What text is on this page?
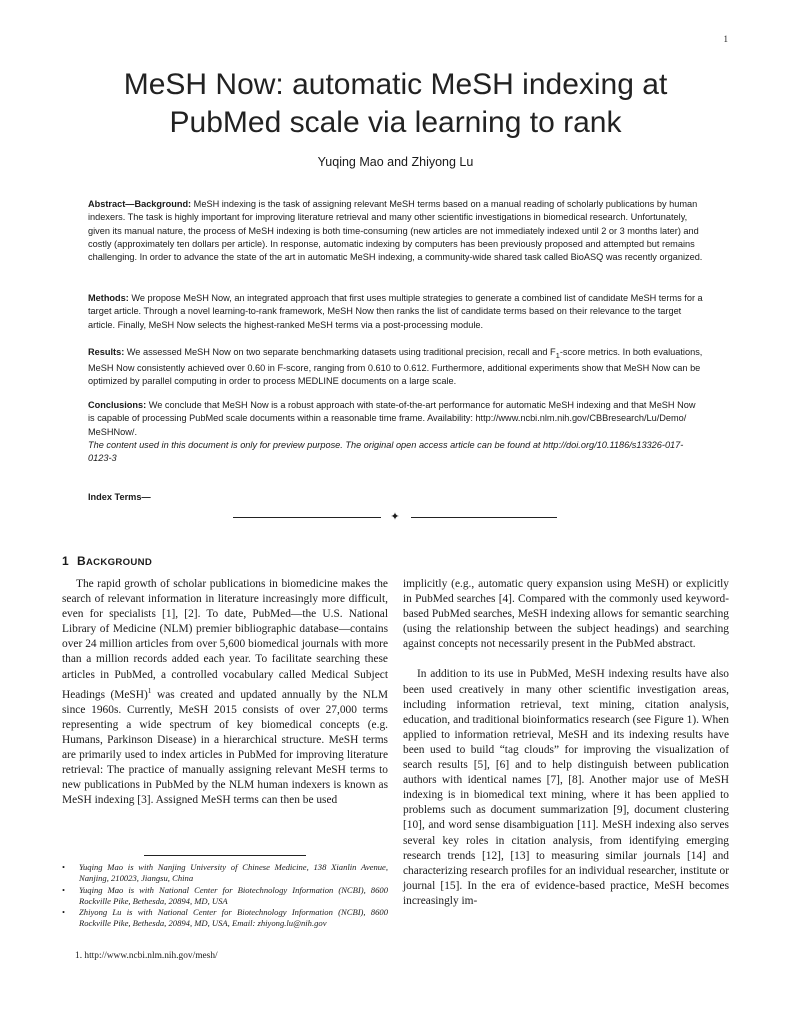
1
MeSH Now: automatic MeSH indexing at
PubMed scale via learning to rank
Yuqing Mao and Zhiyong Lu

Abstract—Background: MeSH indexing is the task of assigning relevant MeSH terms based on a manual reading of scholarly publications by human indexers. The task is highly important for improving literature retrieval and many other scientific investigations in biomedical research. Unfortunately, given its manual nature, the process of MeSH indexing is both time-consuming (new articles are not immediately indexed until 2 or 3 months later) and costly (approximately ten dollars per article). In response, automatic indexing by computers has been previously proposed and attempted but remains challenging. In order to advance the state of the art in automatic MeSH indexing, a community-wide shared task called BioASQ was recently organized.

Methods: We propose MeSH Now, an integrated approach that first uses multiple strategies to generate a combined list of candidate MeSH terms for a target article. Through a novel learning-to-rank framework, MeSH Now then ranks the list of candidate terms based on their relevance to the target article. Finally, MeSH Now selects the highest-ranked MeSH terms via a post-processing module.

Results: We assessed MeSH Now on two separate benchmarking datasets using traditional precision, recall and $F_1$-score metrics. In both evaluations, MeSH Now consistently achieved over 0.60 in F-score, ranging from 0.610 to 0.612. Furthermore, additional experiments show that MeSH Now can be optimized by parallel computing in order to process MEDLINE documents on a large scale.

Conclusions: We conclude that MeSH Now is a robust approach with state-of-the-art performance for automatic MeSH indexing and that MeSH Now is capable of processing PubMed scale documents within a reasonable time frame. Availability: http://www.ncbi.nlm.nih.gov/CBBresearch/Lu/Demo/ MeSHNow/.
The content used in this document is only for preview purpose. The original open access article can be found at http://doi.org/10.1186/s13326-017-0123-3

Index Terms—
✦
1 BACKGROUND

The rapid growth of scholar publications in biomedicine makes the search of relevant information in literature increasingly more difficult, even for specialists [1], [2]. To date, PubMed—the U.S. National Library of Medicine (NLM) premier bibliographic database—contains over 24 million articles from over 5,600 biomedical journals with more than a million records added each year. To facilitate searching these articles in PubMed, a controlled vocabulary called Medical Subject Headings (MeSH)$^1$ was created and updated annually by the NLM since 1960s. Currently, MeSH 2015 consists of over 27,000 terms representing a wide spectrum of key biomedical concepts (e.g. Humans, Parkinson Disease) in a hierarchical structure. MeSH terms are primarily used to index articles in PubMed for improving literature retrieval: The practice of manually assigning relevant MeSH terms to new publications in PubMed by the NLM human indexers is known as MeSH indexing [3]. Assigned MeSH terms can then be used

implicitly (e.g., automatic query expansion using MeSH) or explicitly in PubMed searches [4]. Compared with the commonly used keyword-based PubMed searches, MeSH indexing allows for semantic searching (using the relationship between the subject headings) and searching against concepts not necessarily present in the PubMed abstract.

In addition to its use in PubMed, MeSH indexing results have also been used creatively in many other scientific investigation areas, including information retrieval, text mining, citation analysis, education, and traditional bioinformatics research (see Figure 1). When applied to information retrieval, MeSH and its indexing results have been used to build “tag clouds” for improving the visualization of search results [5], [6] and to help distinguish between publication authors with identical names [7], [8]. Another major use of MeSH indexing is in biomedical text mining, where it has been applied to problems such as document summarization [9], document clustering [10], and word sense disambiguation [11]. MeSH indexing also serves several key roles in citation analysis, from identifying emerging research trends [12], [13] to measuring similar journals [14] and characterizing research profiles for an individual researcher, institute or journal [15]. In the era of evidence-based practice, MeSH becomes increasingly im-

• Yuqing Mao is with Nanjing University of Chinese Medicine, 138 Xianlin Avenue, Nanjing, 210023, Jiangsu, China
• Yuqing Mao is with National Center for Biotechnology Information (NCBI), 8600 Rockville Pike, Bethesda, 20894, MD, USA
• Zhiyong Lu is with National Center for Biotechnology Information (NCBI), 8600 Rockville Pike, Bethesda, 20894, MD, USA, Email: zhiyong.lu@nih.gov
1. http://www.ncbi.nlm.nih.gov/mesh/
